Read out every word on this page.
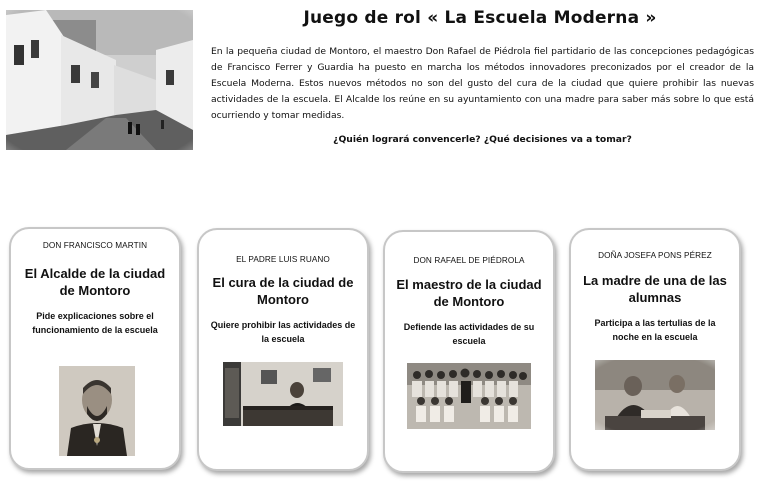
Juego de rol « La Escuela Moderna »

En la pequeña ciudad de Montoro, el maestro Don Rafael de Piédrola fiel partidario de las concepciones pedagógicas de Francisco Ferrer y Guardia ha puesto en marcha los métodos innovadores preconizados por el creador de la Escuela Moderna. Estos nuevos métodos no son del gusto del cura de la ciudad que quiere prohibir las nuevas actividades de la escuela. El Alcalde los reúne en su ayuntamiento con una madre para saber más sobre lo que está ocurriendo y tomar medidas.

¿Quién logrará convencerle? ¿Qué decisiones va a tomar?

DON FRANCISCO MARTIN
El Alcalde de la ciudad de Montoro
Pide explicaciones sobre el funcionamiento de la escuela
EL PADRE LUIS RUANO
El cura de la ciudad de Montoro
Quiere prohibir las actividades de la escuela
DON RAFAEL DE PIÉDROLA
El maestro de la ciudad de Montoro
Defiende las actividades de su escuela
DOÑA JOSEFA PONS PÉREZ
La madre de una de las alumnas
Participa a las tertulias de la noche en la escuela
